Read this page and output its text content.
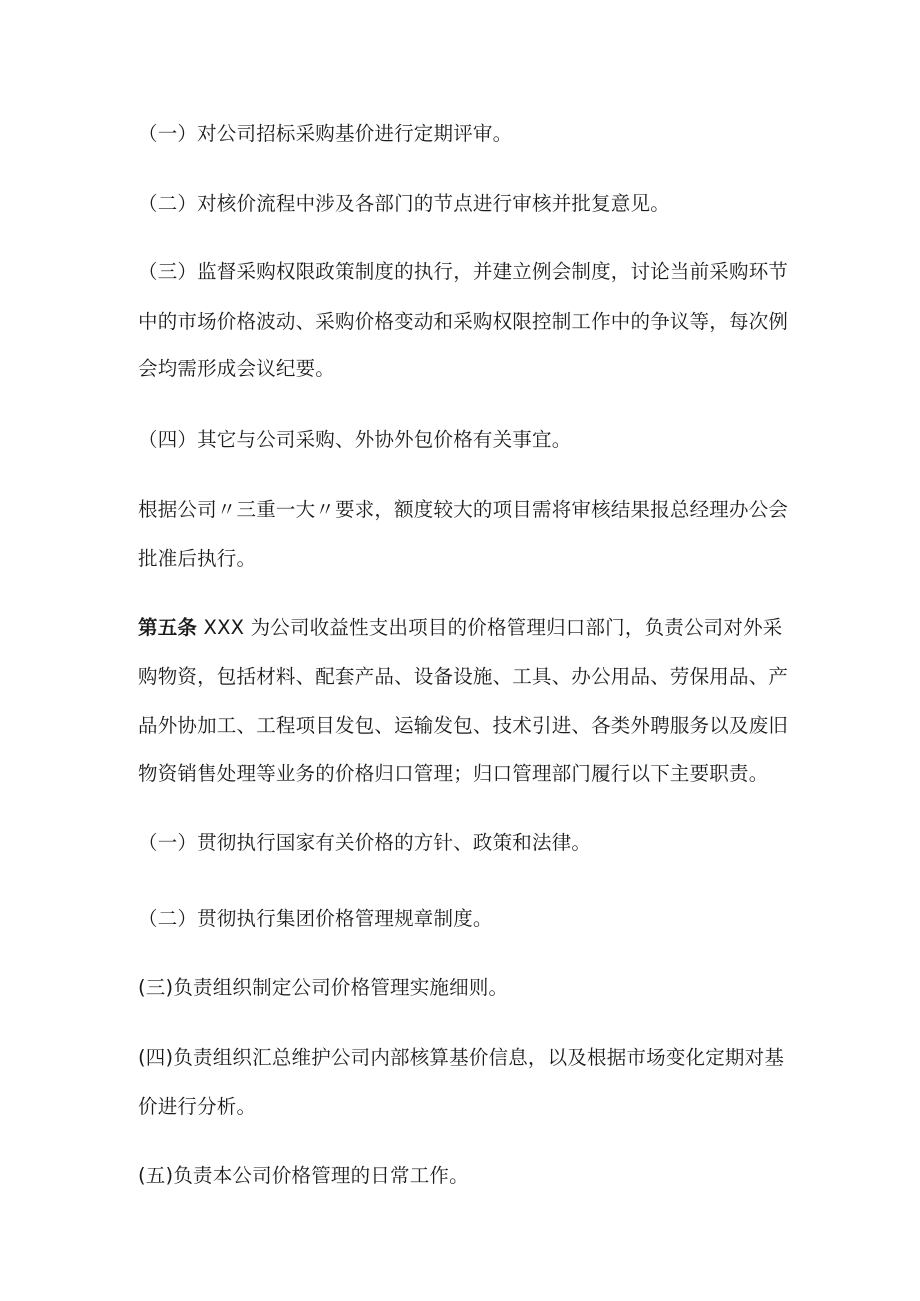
（一）对公司招标采购基价进行定期评审。
（二）对核价流程中涉及各部门的节点进行审核并批复意见。
（三）监督采购权限政策制度的执行，并建立例会制度，讨论当前采购环节
中的市场价格波动、采购价格变动和采购权限控制工作中的争议等，每次例
会均需形成会议纪要。
（四）其它与公司采购、外协外包价格有关事宜。
根据公司〃三重一大〃要求，额度较大的项目需将审核结果报总经理办公会
批准后执行。
第五条 XXX 为公司收益性支出项目的价格管理归口部门，负责公司对外采
购物资，包括材料、配套产品、设备设施、工具、办公用品、劳保用品、产
品外协加工、工程项目发包、运输发包、技术引进、各类外聘服务以及废旧
物资销售处理等业务的价格归口管理；归口管理部门履行以下主要职责。
（一）贯彻执行国家有关价格的方针、政策和法律。
（二）贯彻执行集团价格管理规章制度。
(三)负责组织制定公司价格管理实施细则。
(四)负责组织汇总维护公司内部核算基价信息，以及根据市场变化定期对基
价进行分析。
(五)负责本公司价格管理的日常工作。
